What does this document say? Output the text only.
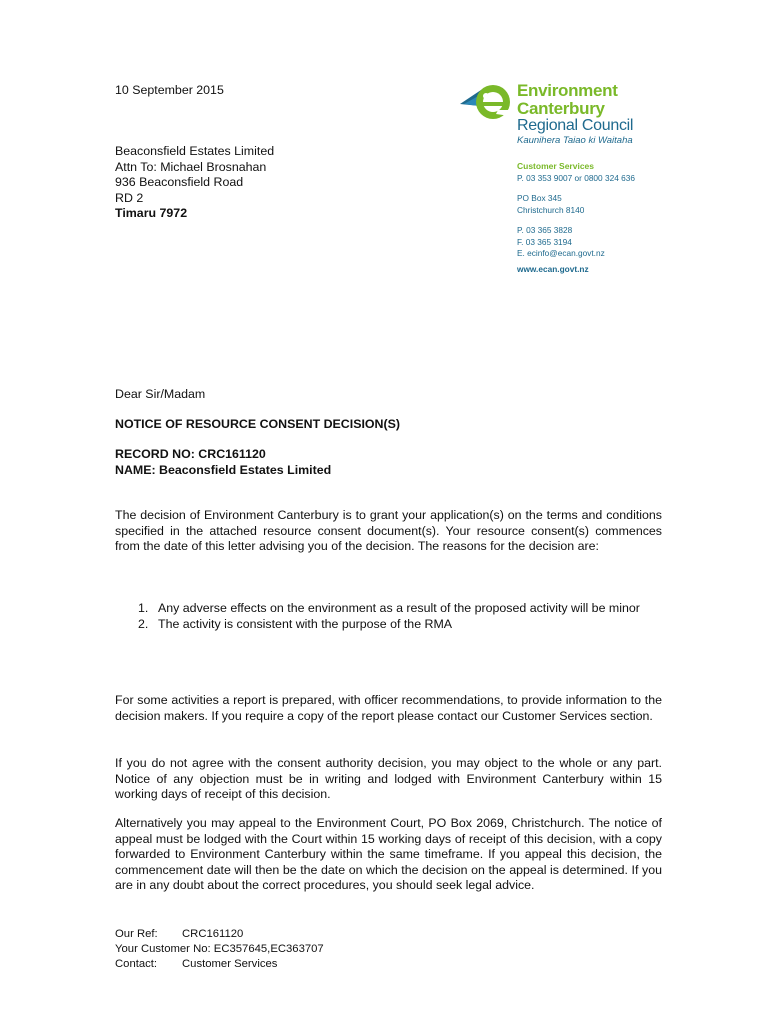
10 September 2015
Beaconsfield Estates Limited
Attn To: Michael Brosnahan
936 Beaconsfield Road
RD 2
Timaru 7972
Environment
Canterbury
Regional Council
Kaunihera Taiao ki Waitaha
Customer Services
P. 03 353 9007 or 0800 324 636
PO Box 345
Christchurch 8140
P. 03 365 3828
F. 03 365 3194
E. ecinfo@ecan.govt.nz
www.ecan.govt.nz
Dear Sir/Madam
NOTICE OF RESOURCE CONSENT DECISION(S)
RECORD NO: CRC161120
NAME: Beaconsfield Estates Limited
The decision of Environment Canterbury is to grant your application(s) on the terms and conditions specified in the attached resource consent document(s). Your resource consent(s) commences from the date of this letter advising you of the decision. The reasons for the decision are:
1. Any adverse effects on the environment as a result of the proposed activity will be minor
2. The activity is consistent with the purpose of the RMA
For some activities a report is prepared, with officer recommendations, to provide information to the decision makers. If you require a copy of the report please contact our Customer Services section.
If you do not agree with the consent authority decision, you may object to the whole or any part. Notice of any objection must be in writing and lodged with Environment Canterbury within 15 working days of receipt of this decision.
Alternatively you may appeal to the Environment Court, PO Box 2069, Christchurch. The notice of appeal must be lodged with the Court within 15 working days of receipt of this decision, with a copy forwarded to Environment Canterbury within the same timeframe. If you appeal this decision, the commencement date will then be the date on which the decision on the appeal is determined. If you are in any doubt about the correct procedures, you should seek legal advice.
Our Ref: CRC161120
Your Customer No: EC357645,EC363707
Contact: Customer Services
